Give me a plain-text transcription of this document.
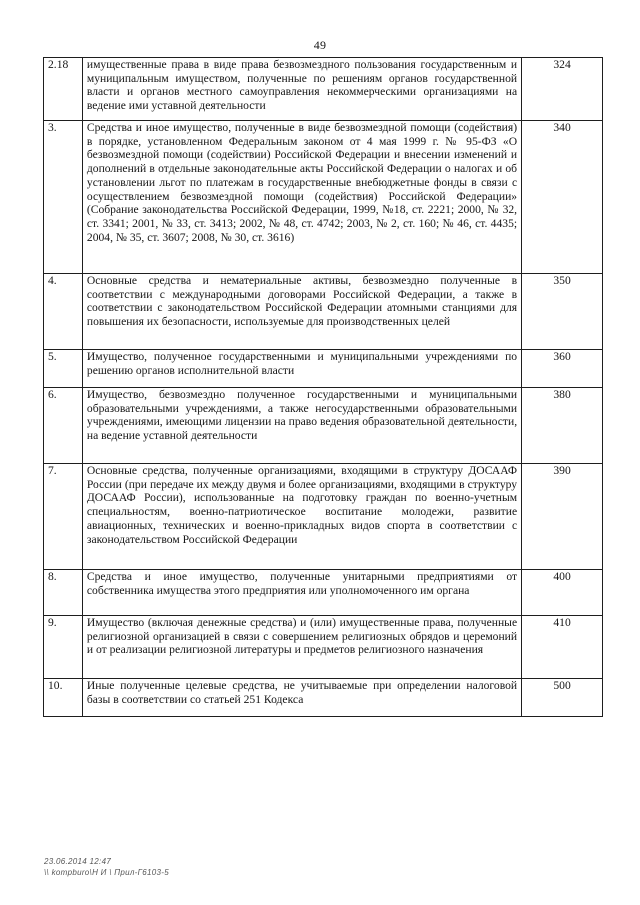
49
2.18	имущественные права в виде права безвозмездного пользования государственным и муниципальным имуществом, полученные по решениям органов государственной власти и органов местного самоуправления некоммерческими организациями на ведение ими уставной деятельности	324
3.	Средства и иное имущество, полученные в виде безвозмездной помощи (содействия) в порядке, установленном Федеральным законом от 4 мая 1999 г. № 95-ФЗ «О безвозмездной помощи (содействии) Российской Федерации и внесении изменений и дополнений в отдельные законодательные акты Российской Федерации о налогах и об установлении льгот по платежам в государственные внебюджетные фонды в связи с осуществлением безвозмездной помощи (содействия) Российской Федерации» (Собрание законодательства Российской Федерации, 1999, №18, ст. 2221; 2000, № 32, ст. 3341; 2001, № 33, ст. 3413; 2002, № 48, ст. 4742; 2003, № 2, ст. 160; № 46, ст. 4435; 2004, № 35, ст. 3607; 2008, № 30, ст. 3616)	340
4.	Основные средства и нематериальные активы, безвозмездно полученные в соответствии с международными договорами Российской Федерации, а также в соответствии с законодательством Российской Федерации атомными станциями для повышения их безопасности, используемые для производственных целей	350
5.	Имущество, полученное государственными и муниципальными учреждениями по решению органов исполнительной власти	360
6.	Имущество, безвозмездно полученное государственными и муниципальными образовательными учреждениями, а также негосударственными образовательными учреждениями, имеющими лицензии на право ведения образовательной деятельности, на ведение уставной деятельности	380
7.	Основные средства, полученные организациями, входящими в структуру ДОСААФ России (при передаче их между двумя и более организациями, входящими в структуру ДОСААФ России), использованные на подготовку граждан по военно-учетным специальностям, военно-патриотическое воспитание молодежи, развитие авиационных, технических и военно-прикладных видов спорта в соответствии с законодательством Российской Федерации	390
8.	Средства и иное имущество, полученные унитарными предприятиями от собственника имущества этого предприятия или уполномоченного им органа	400
9.	Имущество (включая денежные средства) и (или) имущественные права, полученные религиозной организацией в связи с совершением религиозных обрядов и церемоний и от реализации религиозной литературы и предметов религиозного назначения	410
10.	Иные полученные целевые средства, не учитываемые при определении налоговой базы в соответствии со статьей 251 Кодекса	500
23.06.2014 12:47
\\ kompburo\Н И \ Прил-Г6103-5
